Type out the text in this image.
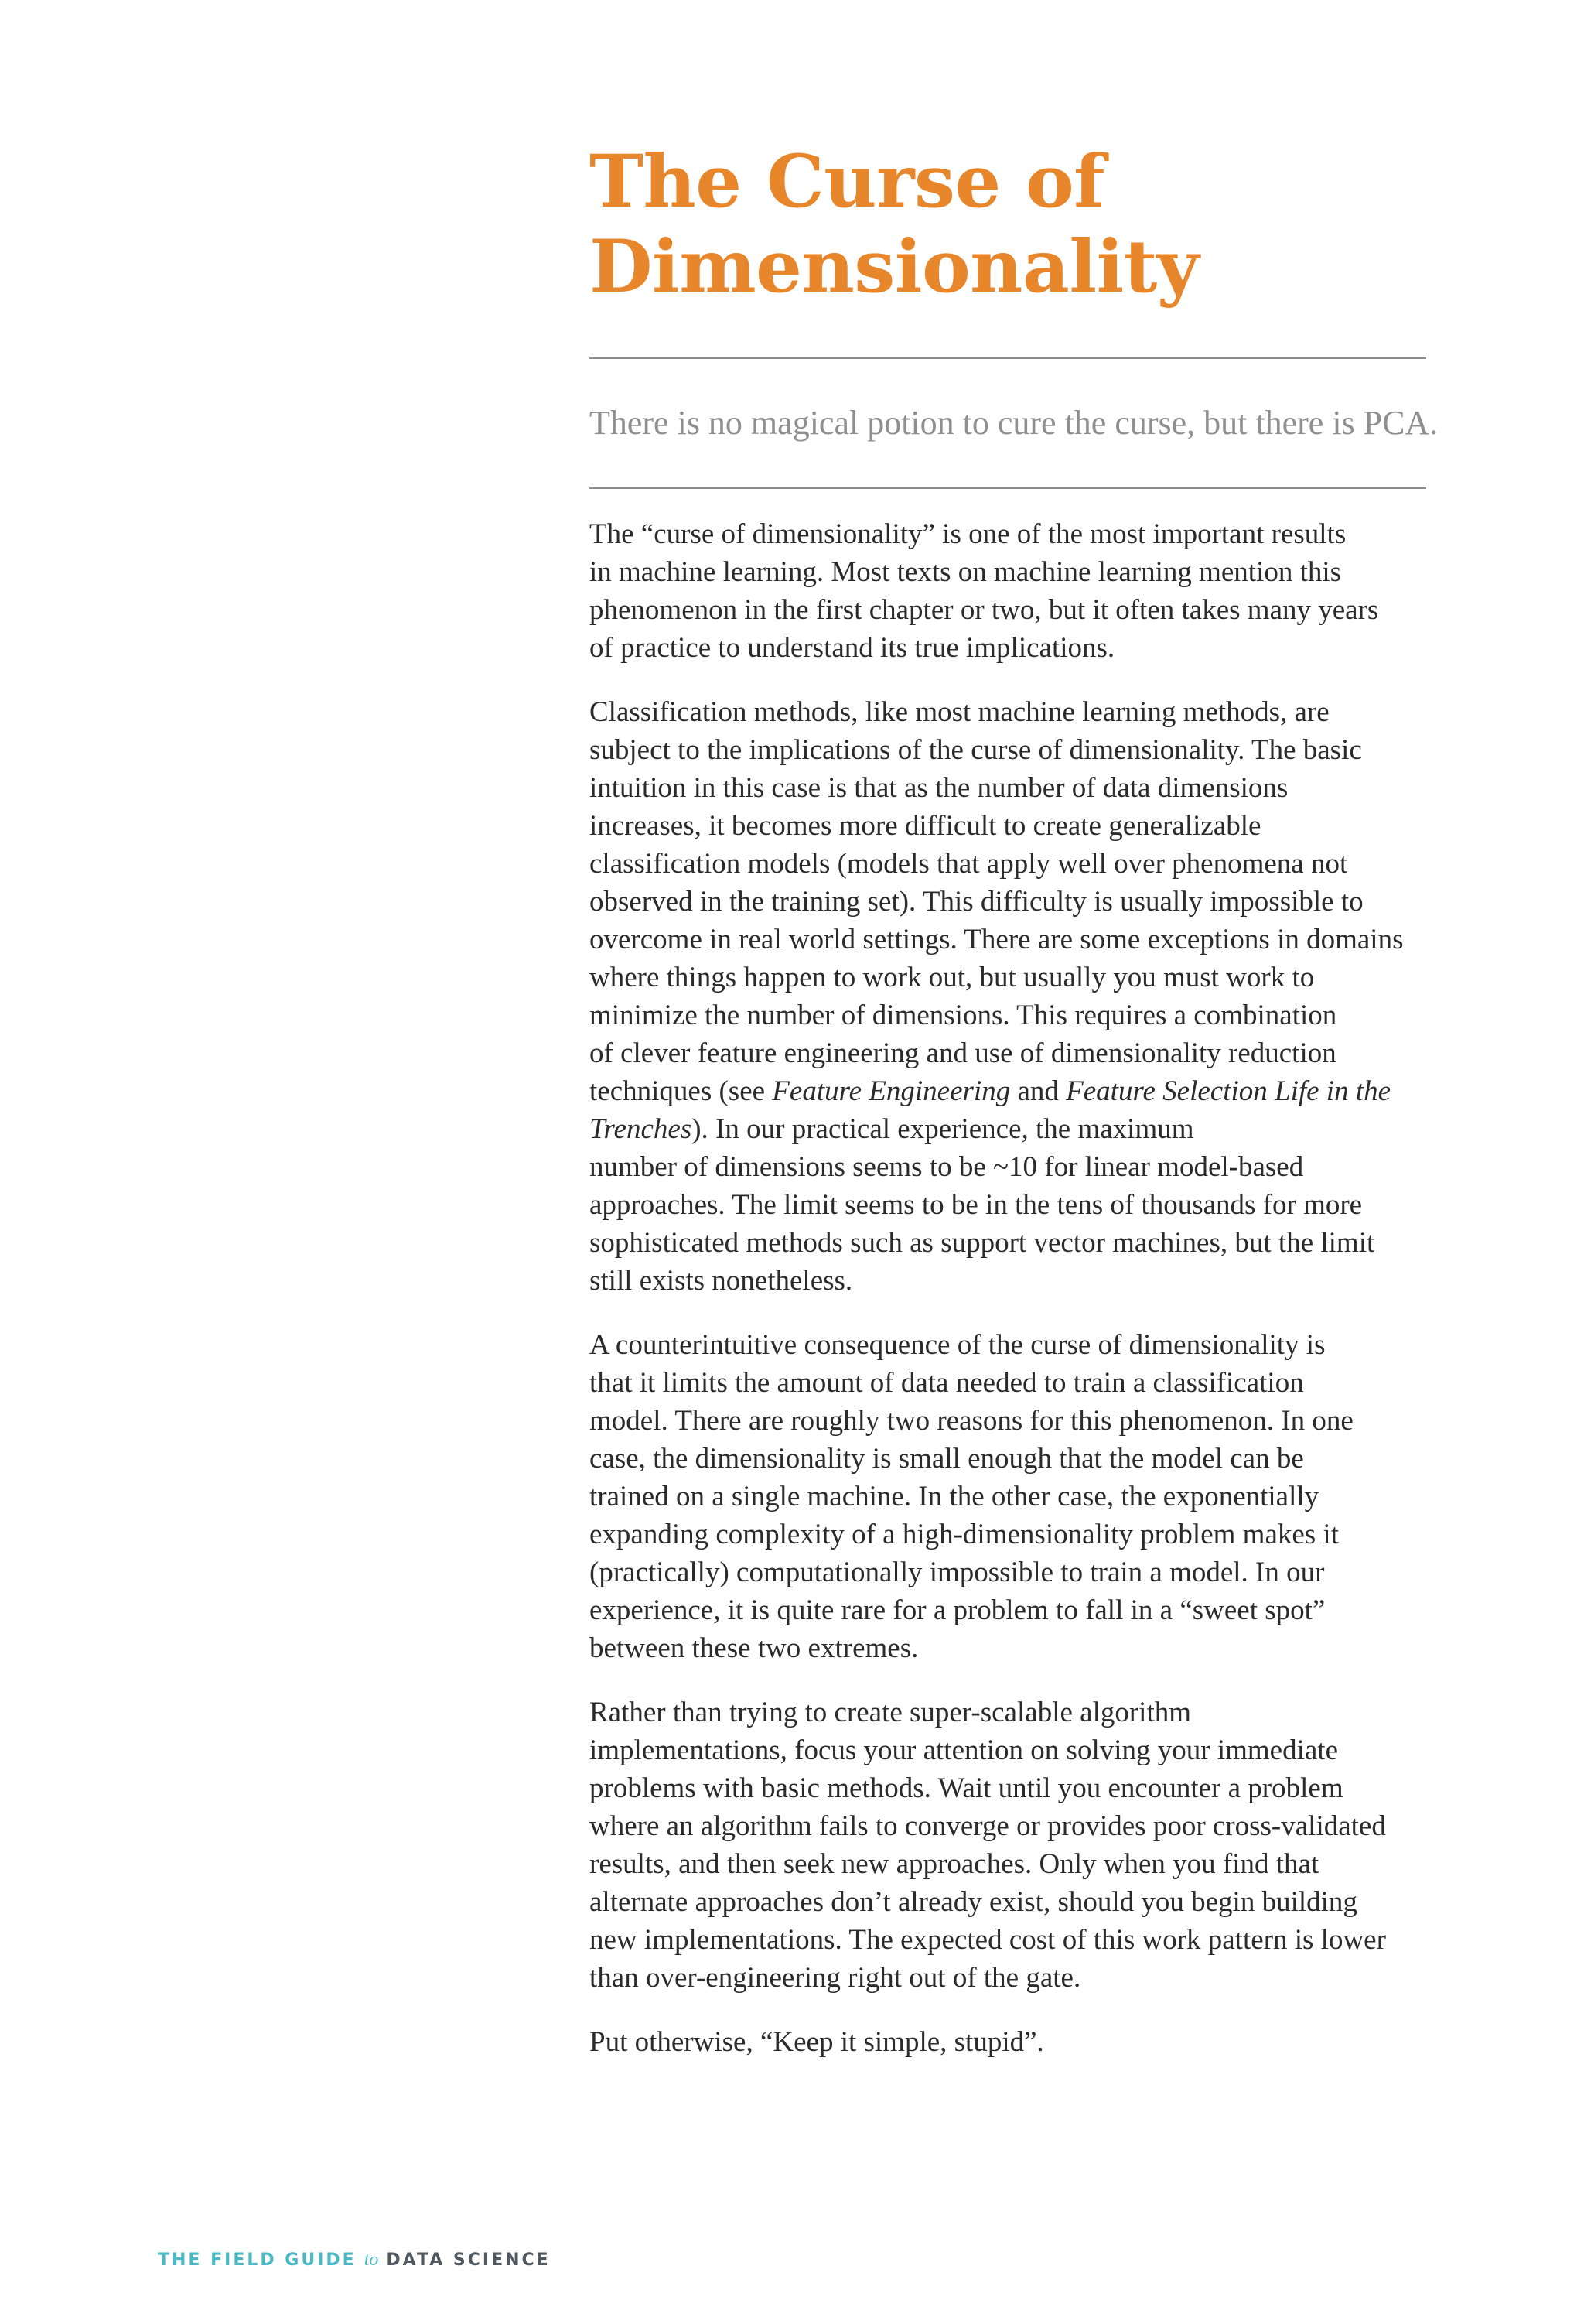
The Curse of
Dimensionality
There is no magical potion to cure the curse, but there is PCA.

The “curse of dimensionality” is one of the most important results
in machine learning. Most texts on machine learning mention this
phenomenon in the first chapter or two, but it often takes many years
of practice to understand its true implications.

Classification methods, like most machine learning methods, are
subject to the implications of the curse of dimensionality. The basic
intuition in this case is that as the number of data dimensions
increases, it becomes more difficult to create generalizable
classification models (models that apply well over phenomena not
observed in the training set). This difficulty is usually impossible to
overcome in real world settings. There are some exceptions in domains
where things happen to work out, but usually you must work to
minimize the number of dimensions. This requires a combination
of clever feature engineering and use of dimensionality reduction
techniques (see Feature Engineering and Feature Selection Life in the
Trenches). In our practical experience, the maximum
number of dimensions seems to be ~10 for linear model-based
approaches. The limit seems to be in the tens of thousands for more
sophisticated methods such as support vector machines, but the limit
still exists nonetheless.

A counterintuitive consequence of the curse of dimensionality is
that it limits the amount of data needed to train a classification
model. There are roughly two reasons for this phenomenon. In one
case, the dimensionality is small enough that the model can be
trained on a single machine. In the other case, the exponentially
expanding complexity of a high-dimensionality problem makes it
(practically) computationally impossible to train a model. In our
experience, it is quite rare for a problem to fall in a “sweet spot”
between these two extremes.

Rather than trying to create super-scalable algorithm
implementations, focus your attention on solving your immediate
problems with basic methods. Wait until you encounter a problem
where an algorithm fails to converge or provides poor cross-validated
results, and then seek new approaches. Only when you find that
alternate approaches don’t already exist, should you begin building
new implementations. The expected cost of this work pattern is lower
than over-engineering right out of the gate.

Put otherwise, “Keep it simple, stupid”.

THE FIELD GUIDE to DATA SCIENCE
